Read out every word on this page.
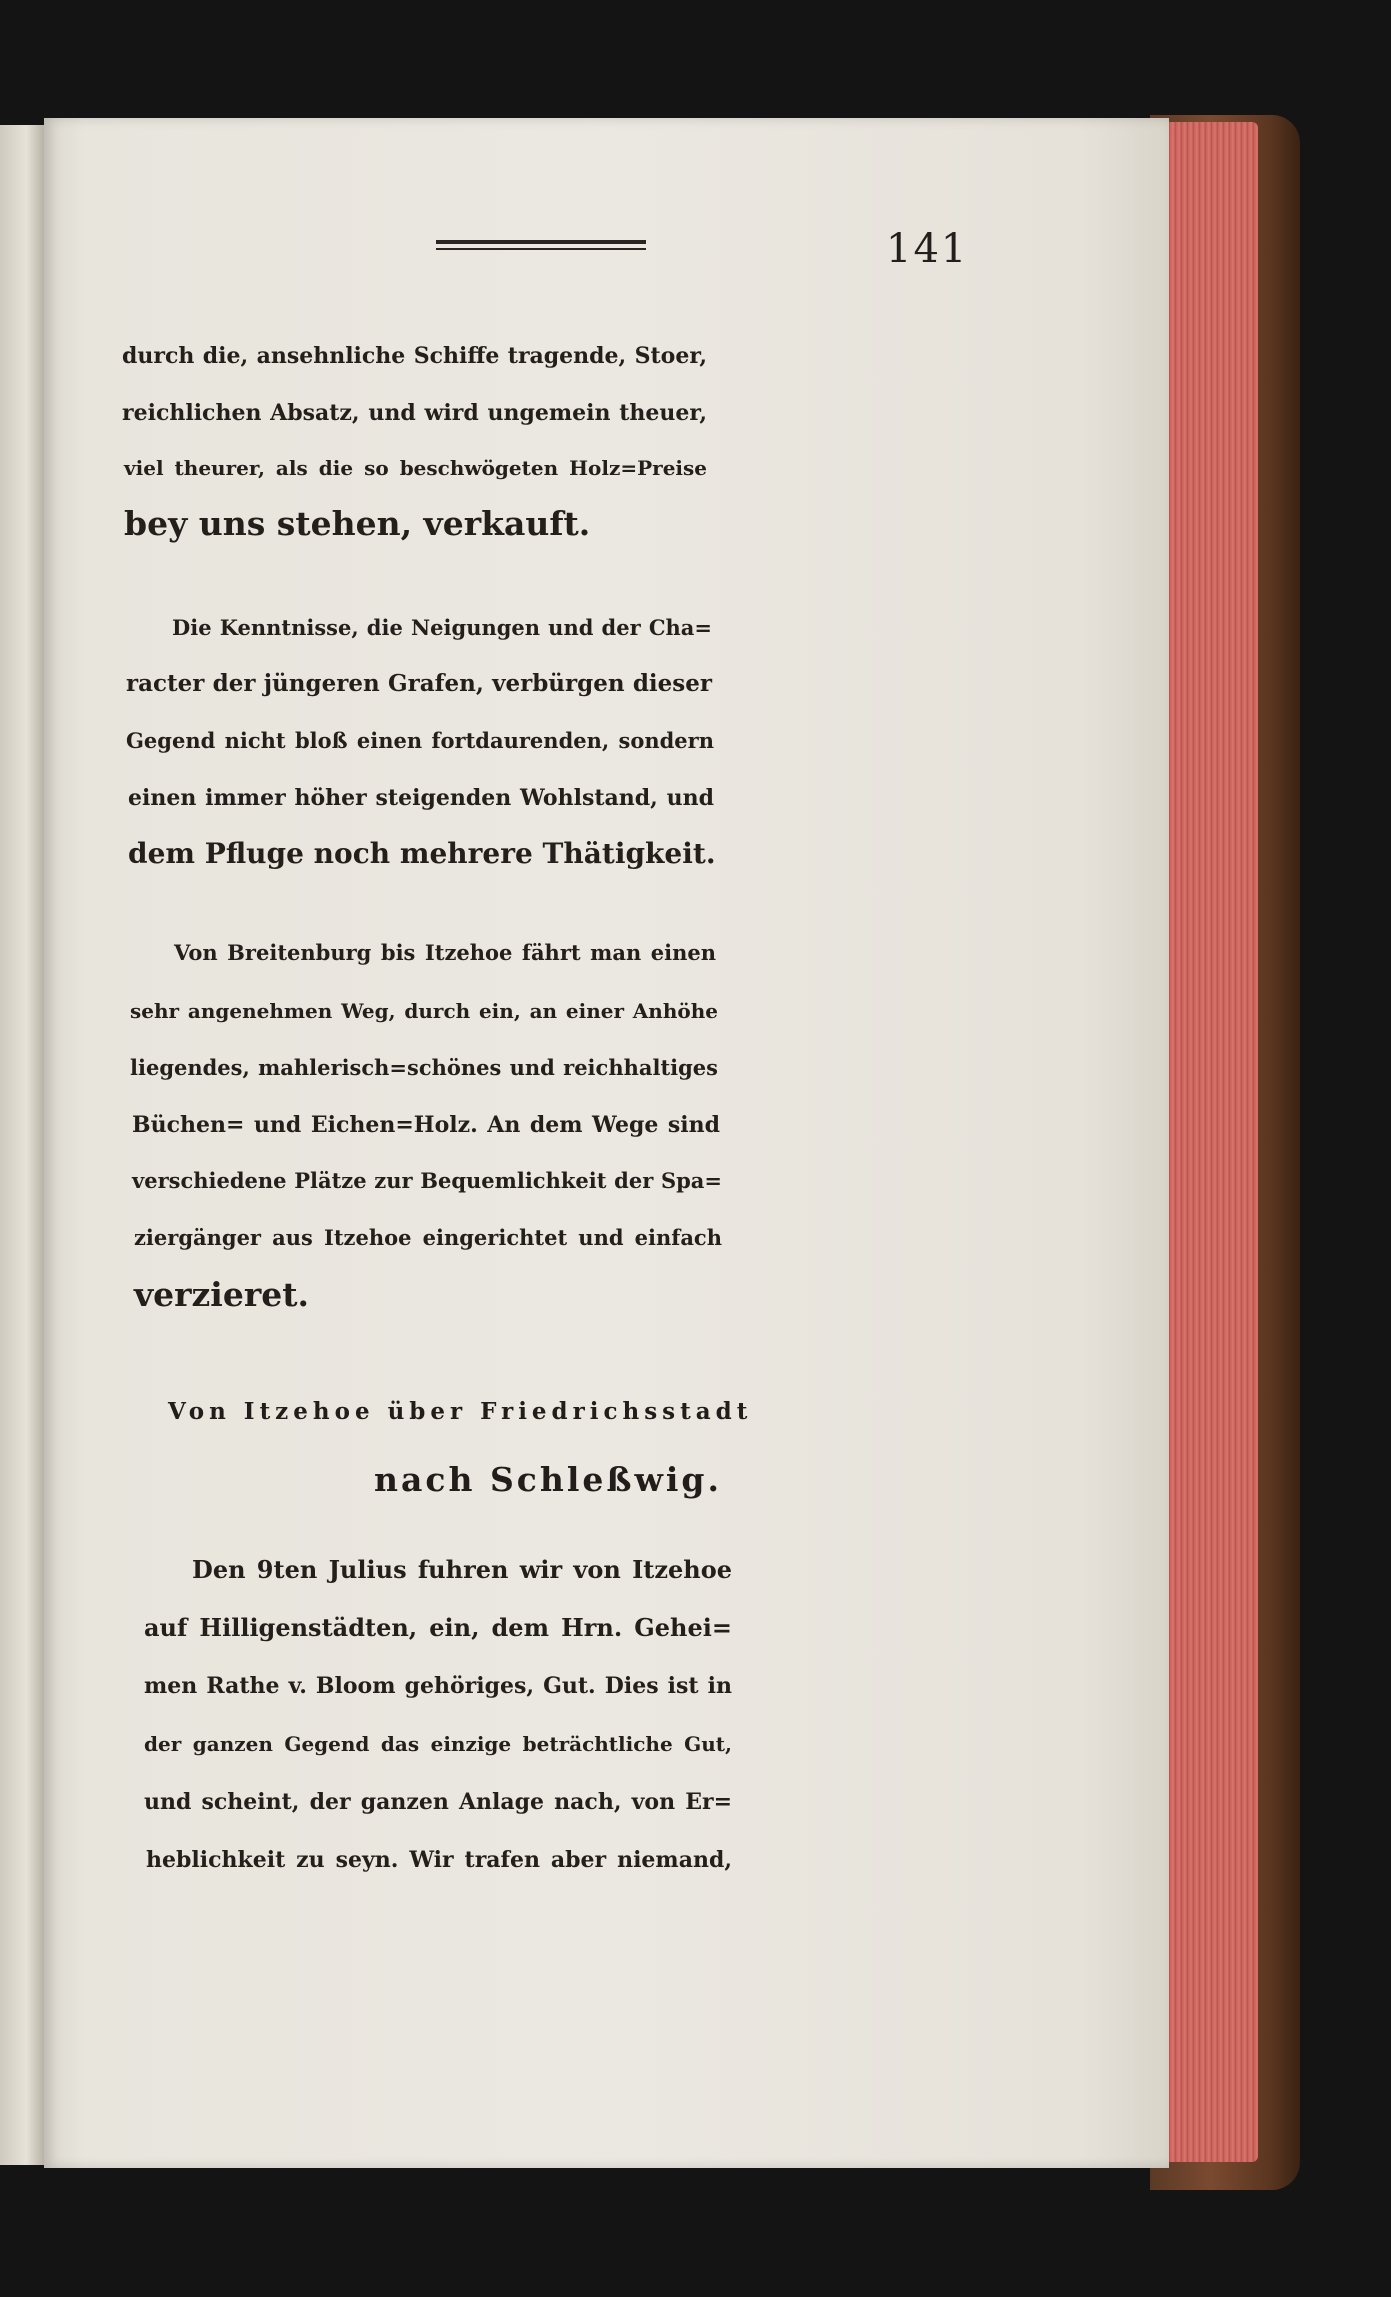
141
durch die, ansehnliche Schiffe tragende, Stoer,
reichlichen Absatz, und wird ungemein theuer,
viel theurer, als die so beschwögeten Holz=Preise
bey uns stehen, verkauft.
Die Kenntnisse, die Neigungen und der Cha=
racter der jüngeren Grafen, verbürgen dieser
Gegend nicht bloß einen fortdaurenden, sondern
einen immer höher steigenden Wohlstand, und
dem Pfluge noch mehrere Thätigkeit.
Von Breitenburg bis Itzehoe fährt man einen
sehr angenehmen Weg, durch ein, an einer Anhöhe
liegendes, mahlerisch=schönes und reichhaltiges
Büchen= und Eichen=Holz. An dem Wege sind
verschiedene Plätze zur Bequemlichkeit der Spa=
ziergänger aus Itzehoe eingerichtet und einfach
verzieret.
Von Itzehoe über Friedrichsstadt
nach Schleßwig.
Den 9ten Julius fuhren wir von Itzehoe
auf Hilligenstädten, ein, dem Hrn. Gehei=
men Rathe v. Bloom gehöriges, Gut. Dies ist in
der ganzen Gegend das einzige beträchtliche Gut,
und scheint, der ganzen Anlage nach, von Er=
heblichkeit zu seyn. Wir trafen aber niemand,
